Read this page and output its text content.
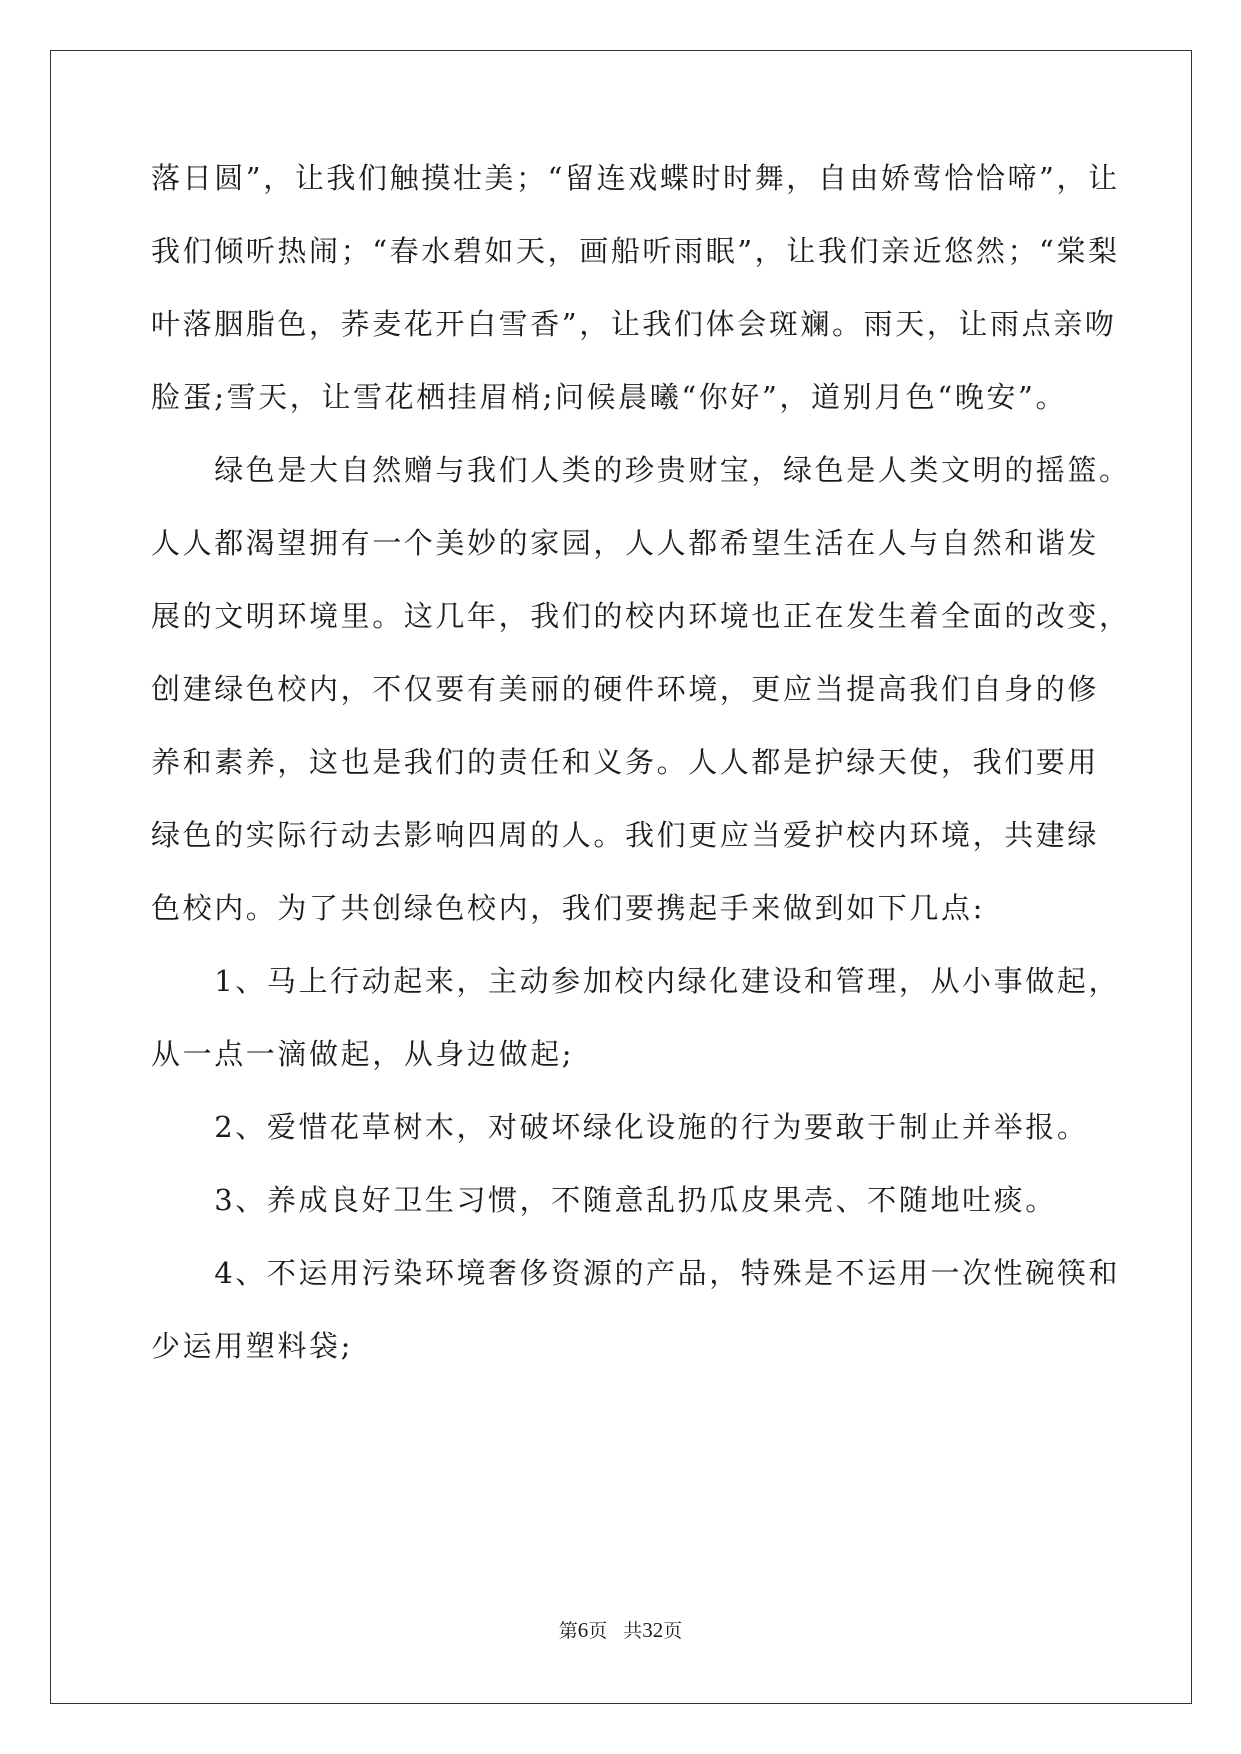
落日圆”，让我们触摸壮美；“留连戏蝶时时舞，自由娇莺恰恰啼”，让
我们倾听热闹；“春水碧如天，画船听雨眠”，让我们亲近悠然；“棠梨
叶落胭脂色，荞麦花开白雪香”，让我们体会斑斓。雨天，让雨点亲吻
脸蛋;雪天，让雪花栖挂眉梢;问候晨曦“你好”，道别月色“晚安”。
　　绿色是大自然赠与我们人类的珍贵财宝，绿色是人类文明的摇篮。
人人都渴望拥有一个美妙的家园，人人都希望生活在人与自然和谐发
展的文明环境里。这几年，我们的校内环境也正在发生着全面的改变，
创建绿色校内，不仅要有美丽的硬件环境，更应当提高我们自身的修
养和素养，这也是我们的责任和义务。人人都是护绿天使，我们要用
绿色的实际行动去影响四周的人。我们更应当爱护校内环境，共建绿
色校内。为了共创绿色校内，我们要携起手来做到如下几点:
　　1、马上行动起来，主动参加校内绿化建设和管理，从小事做起，
从一点一滴做起，从身边做起;
　　2、爱惜花草树木，对破坏绿化设施的行为要敢于制止并举报。
　　3、养成良好卫生习惯，不随意乱扔瓜皮果壳、不随地吐痰。
　　4、不运用污染环境奢侈资源的产品，特殊是不运用一次性碗筷和
少运用塑料袋;
第6页 共32页
